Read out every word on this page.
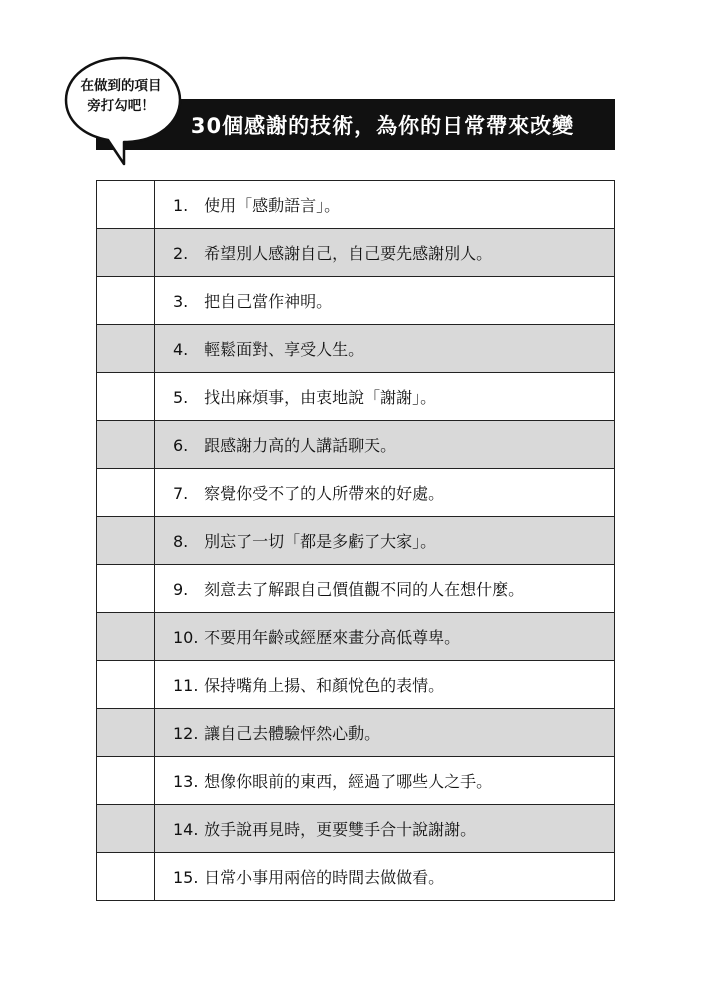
30個感謝的技術，為你的日常帶來改變
在做到的項目
旁打勾吧！
	1. 使用「感動語言」。
	2. 希望別人感謝自己，自己要先感謝別人。
	3. 把自己當作神明。
	4. 輕鬆面對、享受人生。
	5. 找出麻煩事，由衷地說「謝謝」。
	6. 跟感謝力高的人講話聊天。
	7. 察覺你受不了的人所帶來的好處。
	8. 別忘了一切「都是多虧了大家」。
	9. 刻意去了解跟自己價值觀不同的人在想什麼。
	10. 不要用年齡或經歷來畫分高低尊卑。
	11. 保持嘴角上揚、和顏悅色的表情。
	12. 讓自己去體驗怦然心動。
	13. 想像你眼前的東西，經過了哪些人之手。
	14. 放手說再見時，更要雙手合十說謝謝。
	15. 日常小事用兩倍的時間去做做看。
